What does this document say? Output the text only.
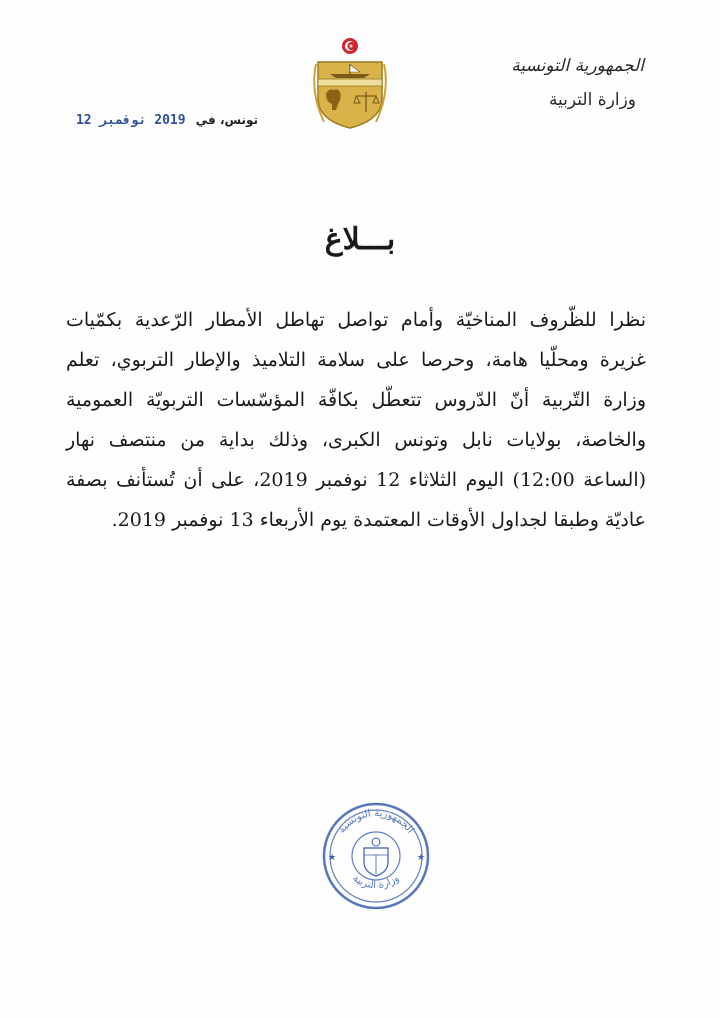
الجمهورية التونسية
وزارة التربية
تونس، في 2019 نوفمبر 12
بـــلاغ
نظرا للظّروف المناخيّة وأمام تواصل تهاطل الأمطار الرّعدية بكمّيات
غزيرة ومحلّيا هامة، وحرصا على سلامة التلاميذ والإطار التربوي، تعلم
وزارة التّربية أنّ الدّروس تتعطّل بكافّة المؤسّسات التربويّة العمومية
والخاصة، بولايات نابل وتونس الكبرى، وذلك بداية من منتصف نهار
(الساعة 12:00) اليوم الثلاثاء 12 نوفمبر 2019، على أن تُستأنف بصفة
عاديّة وطبقا لجداول الأوقات المعتمدة يوم الأربعاء 13 نوفمبر 2019.
الجمهورية التونسية
وزارة التربية
★	★
